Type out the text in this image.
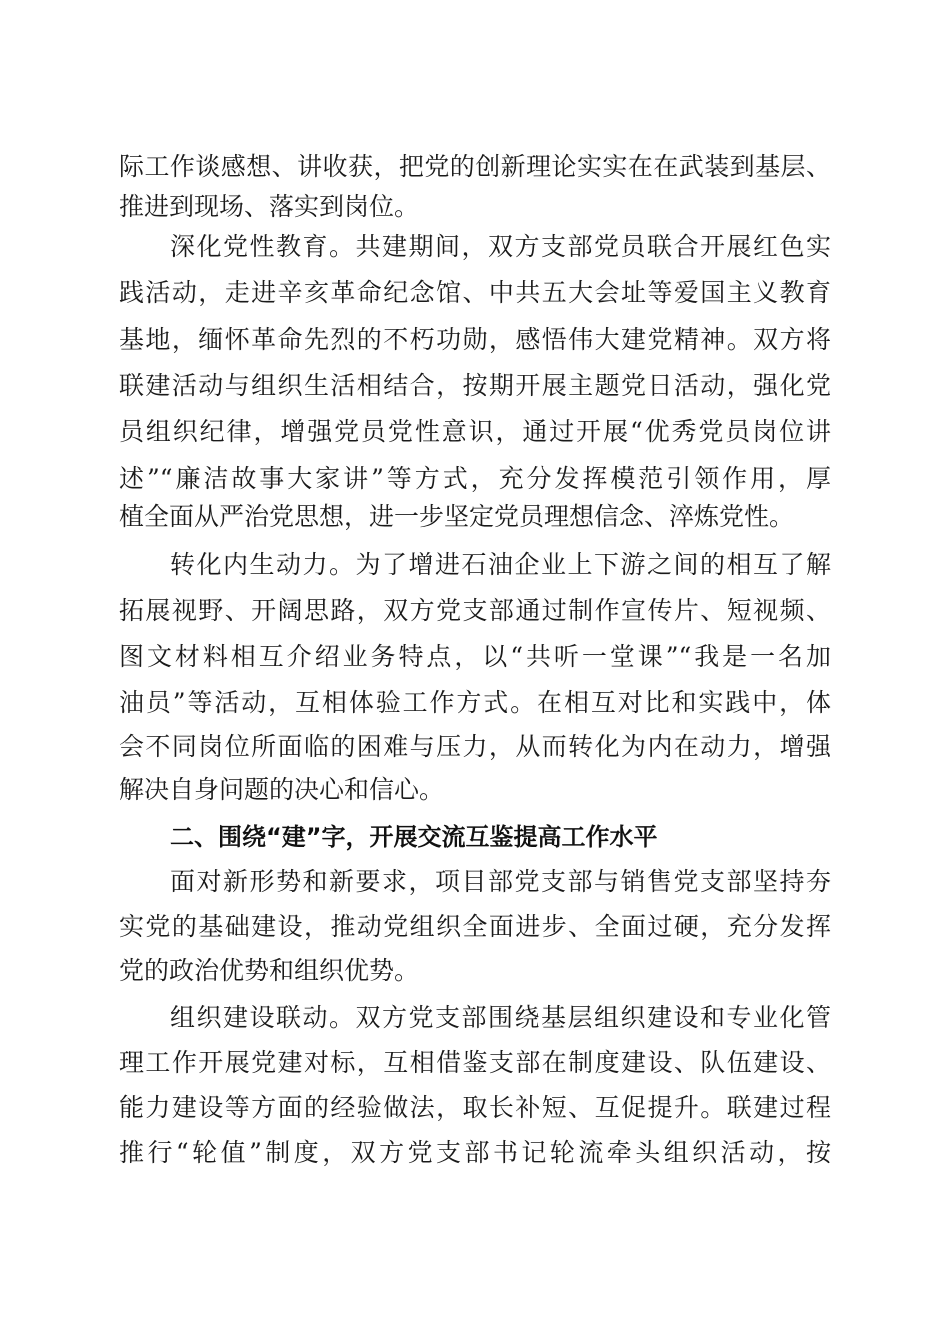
际工作谈感想、讲收获，把党的创新理论实实在在武装到基层、
推进到现场、落实到岗位。
深化党性教育。共建期间，双方支部党员联合开展红色实
践活动，走进辛亥革命纪念馆、中共五大会址等爱国主义教育
基地，缅怀革命先烈的不朽功勋，感悟伟大建党精神。双方将
联建活动与组织生活相结合，按期开展主题党日活动，强化党
员组织纪律，增强党员党性意识，通过开展“优秀党员岗位讲
述”“廉洁故事大家讲”等方式，充分发挥模范引领作用，厚
植全面从严治党思想，进一步坚定党员理想信念、淬炼党性。
转化内生动力。为了增进石油企业上下游之间的相互了解
拓展视野、开阔思路，双方党支部通过制作宣传片、短视频、
图文材料相互介绍业务特点，以“共听一堂课”“我是一名加
油员”等活动，互相体验工作方式。在相互对比和实践中，体
会不同岗位所面临的困难与压力，从而转化为内在动力，增强
解决自身问题的决心和信心。
二、围绕“建”字，开展交流互鉴提高工作水平
面对新形势和新要求，项目部党支部与销售党支部坚持夯
实党的基础建设，推动党组织全面进步、全面过硬，充分发挥
党的政治优势和组织优势。
组织建设联动。双方党支部围绕基层组织建设和专业化管
理工作开展党建对标，互相借鉴支部在制度建设、队伍建设、
能力建设等方面的经验做法，取长补短、互促提升。联建过程
推行“轮值”制度，双方党支部书记轮流牵头组织活动，按
